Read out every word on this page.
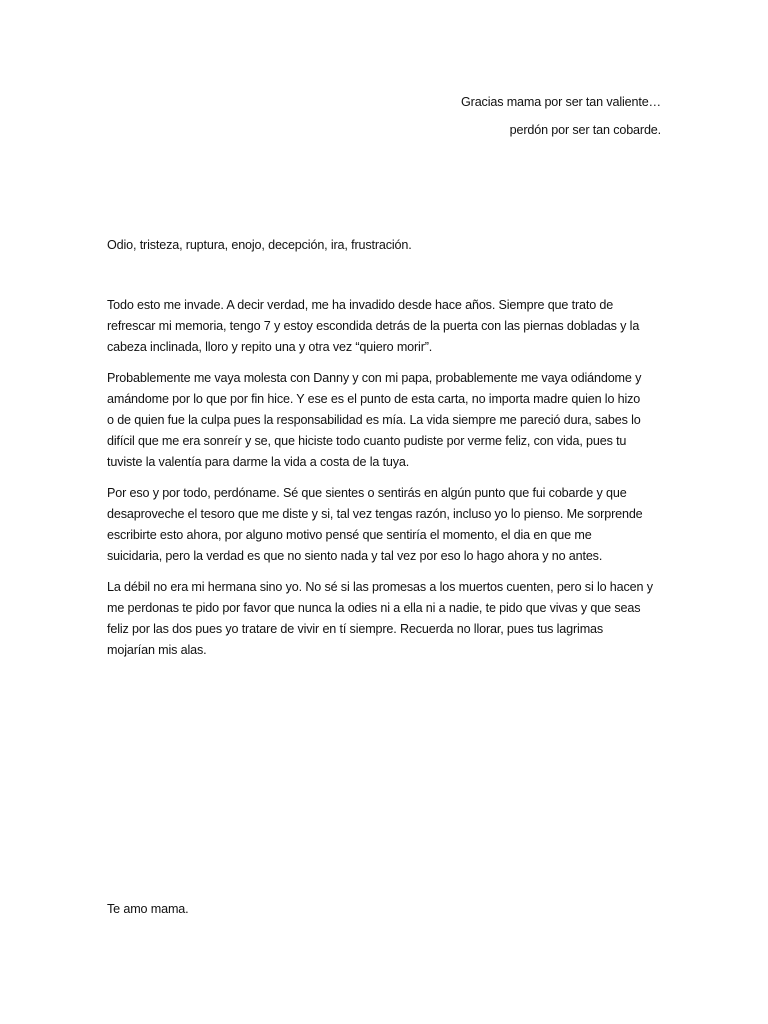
Gracias mama por ser tan valiente…
perdón por ser tan cobarde.
Odio, tristeza, ruptura, enojo, decepción, ira, frustración.

Todo esto me invade. A decir verdad, me ha invadido desde hace años. Siempre que trato de
refrescar mi memoria, tengo 7 y estoy escondida detrás de la puerta con las piernas dobladas y la
cabeza inclinada, lloro y repito una y otra vez “quiero morir”.

Probablemente me vaya molesta con Danny y con mi papa, probablemente me vaya odiándome y
amándome por lo que por fin hice. Y ese es el punto de esta carta, no importa madre quien lo hizo
o de quien fue la culpa pues la responsabilidad es mía. La vida siempre me pareció dura, sabes lo
difícil que me era sonreír y se, que hiciste todo cuanto pudiste por verme feliz, con vida, pues tu
tuviste la valentía para darme la vida a costa de la tuya.

Por eso y por todo, perdóname. Sé que sientes o sentirás en algún punto que fui cobarde y que
desaproveche el tesoro que me diste y si, tal vez tengas razón, incluso yo lo pienso. Me sorprende
escribirte esto ahora, por alguno motivo pensé que sentiría el momento, el dia en que me
suicidaria, pero la verdad es que no siento nada y tal vez por eso lo hago ahora y no antes.

La débil no era mi hermana sino yo. No sé si las promesas a los muertos cuenten, pero si lo hacen y
me perdonas te pido por favor que nunca la odies ni a ella ni a nadie, te pido que vivas y que seas
feliz por las dos pues yo tratare de vivir en tí siempre. Recuerda no llorar, pues tus lagrimas
mojarían mis alas.

Te amo mama.
